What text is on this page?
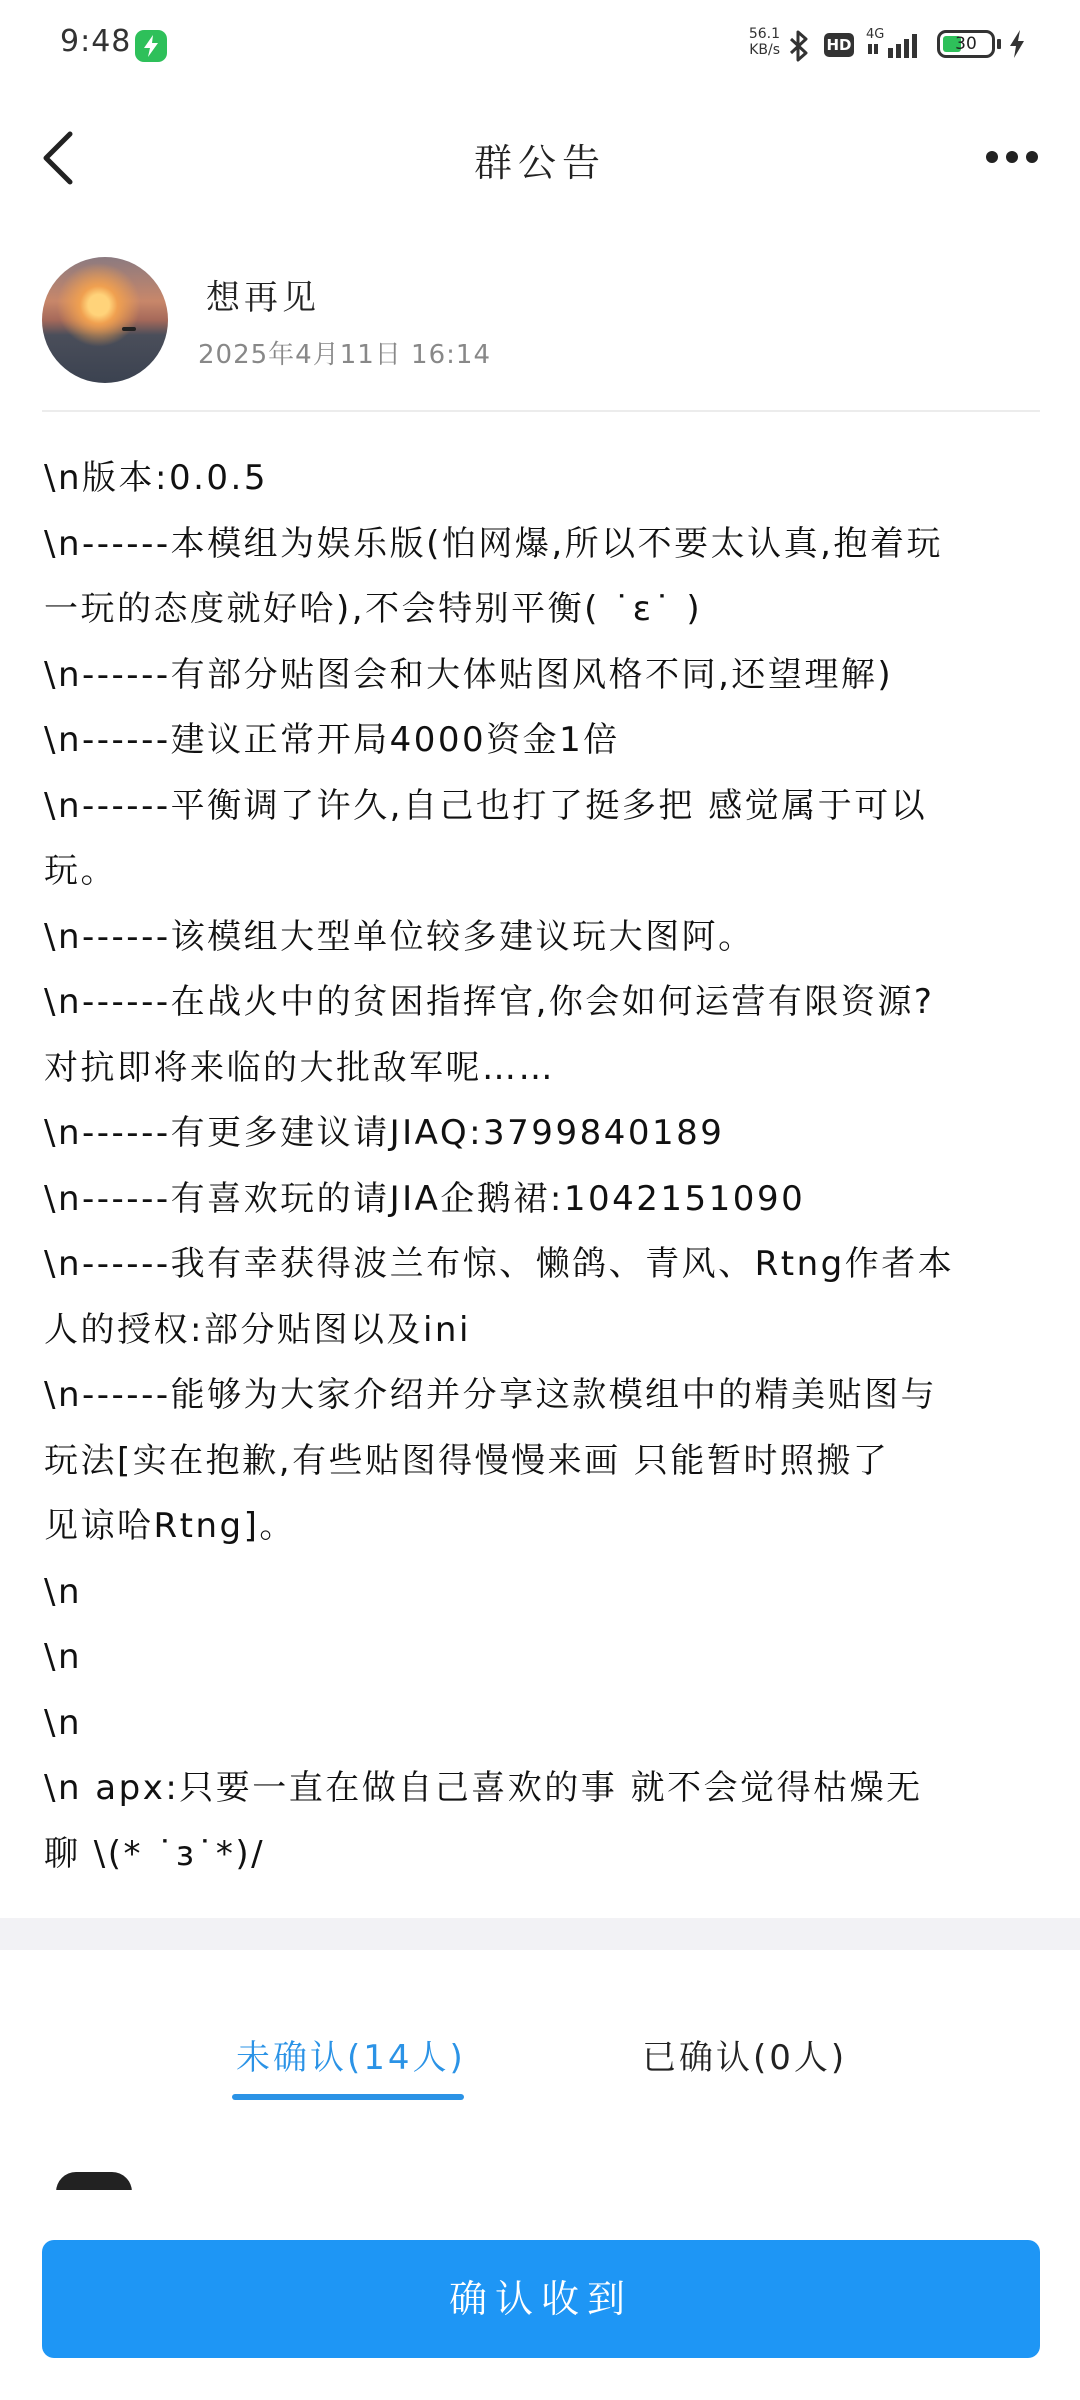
9:48	56.1
KB/s	HD
4G	30
群公告
想再见
2025年4月11日 16:14
\n版本:0.0.5
\n------本模组为娱乐版(怕网爆,所以不要太认真,抱着玩
一玩的态度就好哈),不会特别平衡( ˙ε˙ )
\n------有部分贴图会和大体贴图风格不同,还望理解)
\n------建议正常开局4000资金1倍
\n------平衡调了许久,自己也打了挺多把 感觉属于可以
玩。
\n------该模组大型单位较多建议玩大图阿。
\n------在战火中的贫困指挥官,你会如何运营有限资源?
对抗即将来临的大批敌军呢……
\n------有更多建议请JIAQ:3799840189
\n------有喜欢玩的请JIA企鹅裙:1042151090
\n------我有幸获得波兰布惊、懒鸽、青风、Rtng作者本
人的授权:部分贴图以及ini
\n------能够为大家介绍并分享这款模组中的精美贴图与
玩法[实在抱歉,有些贴图得慢慢来画 只能暂时照搬了
见谅哈Rtng]。
\n
\n
\n
\n apx:只要一直在做自己喜欢的事 就不会觉得枯燥无
聊 \(* ˙з˙*)/
未确认(14人)	已确认(0人)
确认收到
